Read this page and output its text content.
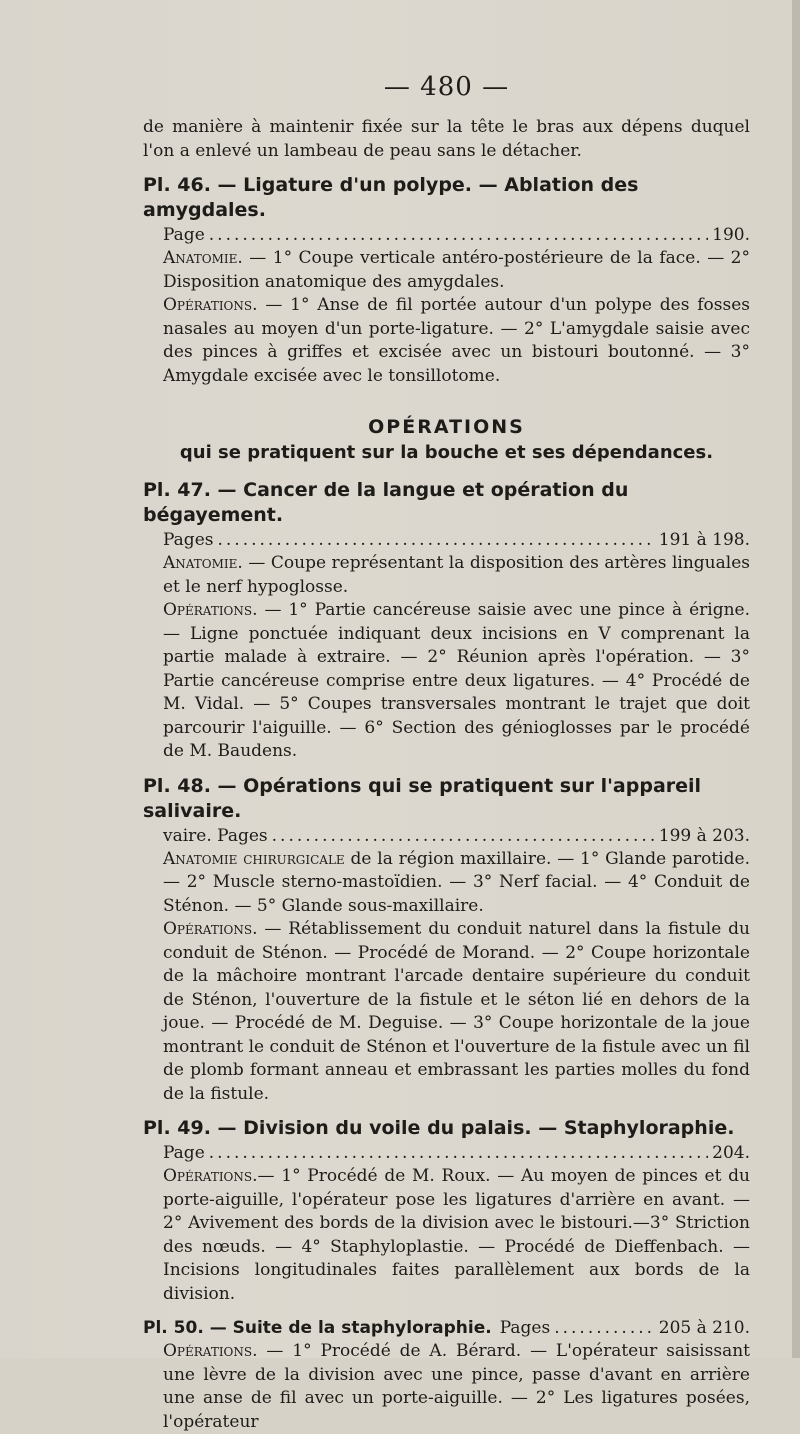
— 480 —

de manière à maintenir fixée sur la tête le bras aux dépens duquel l'on a enlevé un lambeau de peau sans le détacher.

Pl. 46. — Ligature d'un polype. — Ablation des amygdales.

Page .....	190.

Anatomie. — 1° Coupe verticale antéro-postérieure de la face. — 2° Disposition anatomique des amygdales.

Opérations. — 1° Anse de fil portée autour d'un polype des fosses nasales au moyen d'un porte-ligature. — 2° L'amygdale saisie avec des pinces à griffes et excisée avec un bistouri boutonné. — 3° Amygdale excisée avec le tonsillotome.

OPÉRATIONS
qui se pratiquent sur la bouche et ses dépendances.

Pl. 47. — Cancer de la langue et opération du bégayement.

Pages .....	191 à 198.

Anatomie. — Coupe représentant la disposition des artères linguales et le nerf hypoglosse.

Opérations. — 1° Partie cancéreuse saisie avec une pince à érigne. — Ligne ponctuée indiquant deux incisions en V comprenant la partie malade à extraire. — 2° Réunion après l'opération. — 3° Partie cancéreuse comprise entre deux ligatures. — 4° Procédé de M. Vidal. — 5° Coupes transversales montrant le trajet que doit parcourir l'aiguille. — 6° Section des génioglosses par le procédé de M. Baudens.

Pl. 48. — Opérations qui se pratiquent sur l'appareil salivaire.

vaire. Pages .....	199 à 203.

Anatomie chirurgicale de la région maxillaire. — 1° Glande parotide. — 2° Muscle sterno-mastoïdien. — 3° Nerf facial. — 4° Conduit de Sténon. — 5° Glande sous-maxillaire.

Opérations. — Rétablissement du conduit naturel dans la fistule du conduit de Sténon. — Procédé de Morand. — 2° Coupe horizontale de la mâchoire montrant l'arcade dentaire supérieure du conduit de Sténon, l'ouverture de la fistule et le séton lié en dehors de la joue. — Procédé de M. Deguise. — 3° Coupe horizontale de la joue montrant le conduit de Sténon et l'ouverture de la fistule avec un fil de plomb formant anneau et embrassant les parties molles du fond de la fistule.

Pl. 49. — Division du voile du palais. — Staphyloraphie.

Page .....	204.

Opérations.— 1° Procédé de M. Roux. — Au moyen de pinces et du porte-aiguille, l'opérateur pose les ligatures d'arrière en avant. — 2° Avivement des bords de la division avec le bistouri.—3° Striction des nœuds. — 4° Staphyloplastie. — Procédé de Dieffenbach. — Incisions longitudinales faites parallèlement aux bords de la division.

Pl. 50. — Suite de la staphyloraphie. Pages .....	205 à 210.

Opérations. — 1° Procédé de A. Bérard. — L'opérateur saisissant une lèvre de la division avec une pince, passe d'avant en arrière une anse de fil avec un porte-aiguille. — 2° Les ligatures posées, l'opérateur
